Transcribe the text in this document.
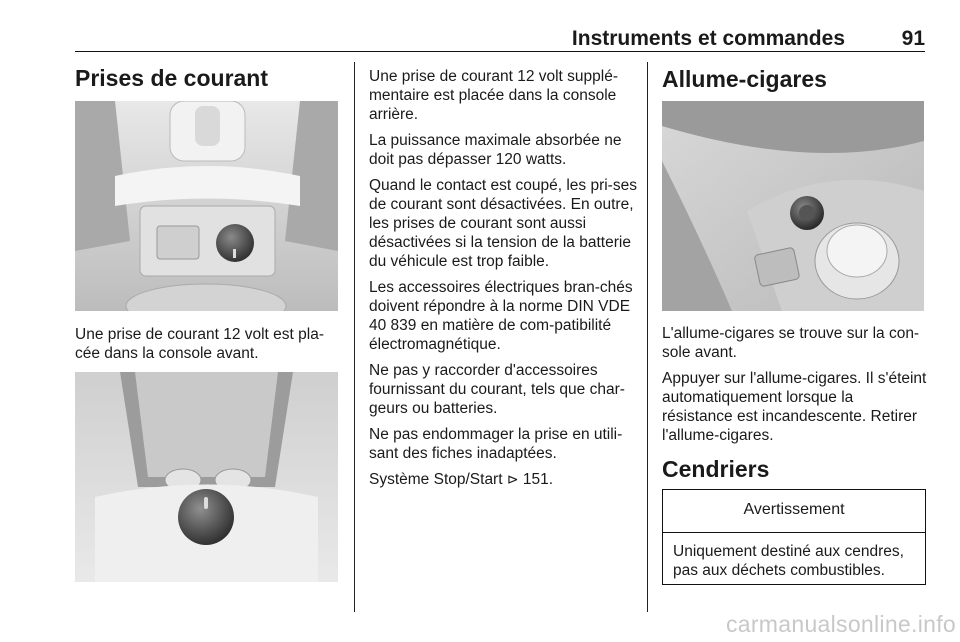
Instruments et commandes	91
Prises de courant

Une prise de courant 12 volt est pla-
cée dans la console avant.

Une prise de courant 12 volt supplé-mentaire est placée dans la console arrière.

La puissance maximale absorbée ne doit pas dépasser 120 watts.

Quand le contact est coupé, les pri-ses de courant sont désactivées. En outre, les prises de courant sont aussi désactivées si la tension de la batterie du véhicule est trop faible.

Les accessoires électriques bran-chés doivent répondre à la norme DIN VDE 40 839 en matière de com-patibilité électromagnétique.

Ne pas y raccorder d'accessoires fournissant du courant, tels que char-geurs ou batteries.

Ne pas endommager la prise en utili-sant des fiches inadaptées.

Système Stop/Start ⊳ 151.

Allume-cigares

L'allume-cigares se trouve sur la con-sole avant.

Appuyer sur l'allume-cigares. Il s'éteint automatiquement lorsque la résistance est incandescente. Retirer l'allume-cigares.

Cendriers
Avertissement
Uniquement destiné aux cendres, pas aux déchets combustibles.
carmanualsonline.info
